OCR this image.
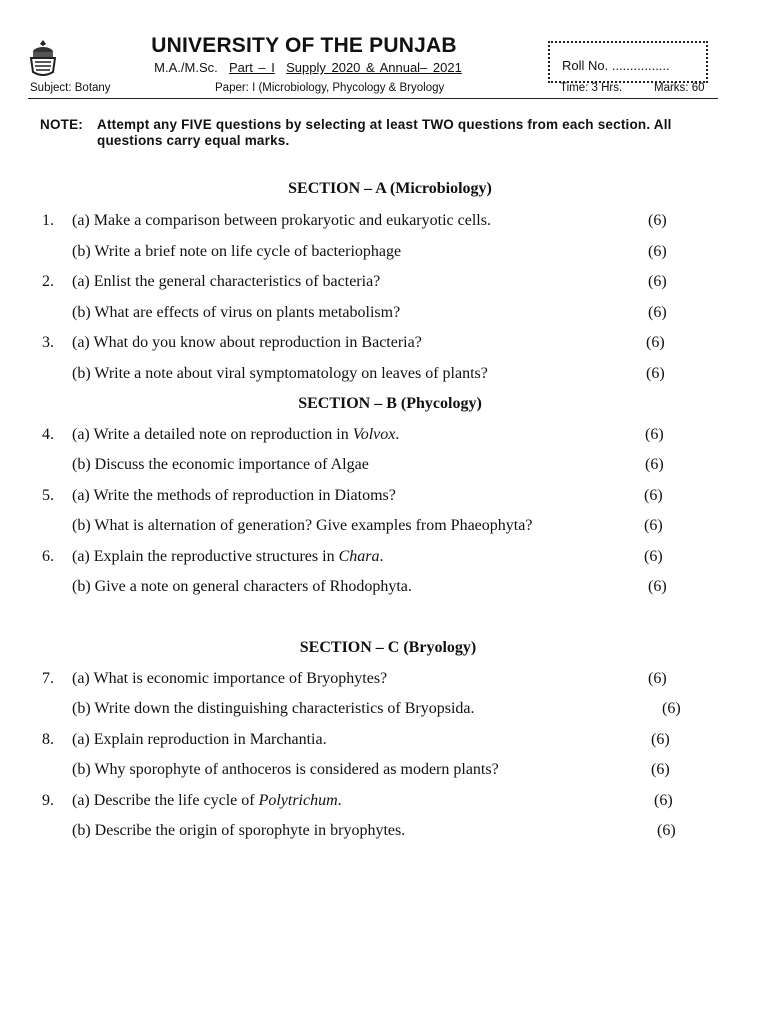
UNIVERSITY OF THE PUNJAB
M.A./M.Sc. Part – I Supply 2020 & Annual– 2021	Roll No. ................
Subject: Botany	Paper: I (Microbiology, Phycology & Bryology	Time: 3 Hrs.	Marks: 60
NOTE: Attempt any FIVE questions by selecting at least TWO questions from each section. All questions carry equal marks.
SECTION – A (Microbiology)
1. (a) Make a comparison between prokaryotic and eukaryotic cells.	(6)
(b) Write a brief note on life cycle of bacteriophage	(6)
2. (a) Enlist the general characteristics of bacteria?	(6)
(b) What are effects of virus on plants metabolism?	(6)
3. (a) What do you know about reproduction in Bacteria?	(6)
(b) Write a note about viral symptomatology on leaves of plants?	(6)
SECTION – B (Phycology)
4. (a) Write a detailed note on reproduction in Volvox.	(6)
(b) Discuss the economic importance of Algae	(6)
5. (a) Write the methods of reproduction in Diatoms?	(6)
(b) What is alternation of generation? Give examples from Phaeophyta?	(6)
6. (a) Explain the reproductive structures in Chara.	(6)
(b) Give a note on general characters of Rhodophyta.	(6)
SECTION – C (Bryology)
7. (a) What is economic importance of Bryophytes?	(6)
(b) Write down the distinguishing characteristics of Bryopsida.	(6)
8. (a) Explain reproduction in Marchantia.	(6)
(b) Why sporophyte of anthoceros is considered as modern plants?	(6)
9. (a) Describe the life cycle of Polytrichum.	(6)
(b) Describe the origin of sporophyte in bryophytes.	(6)
